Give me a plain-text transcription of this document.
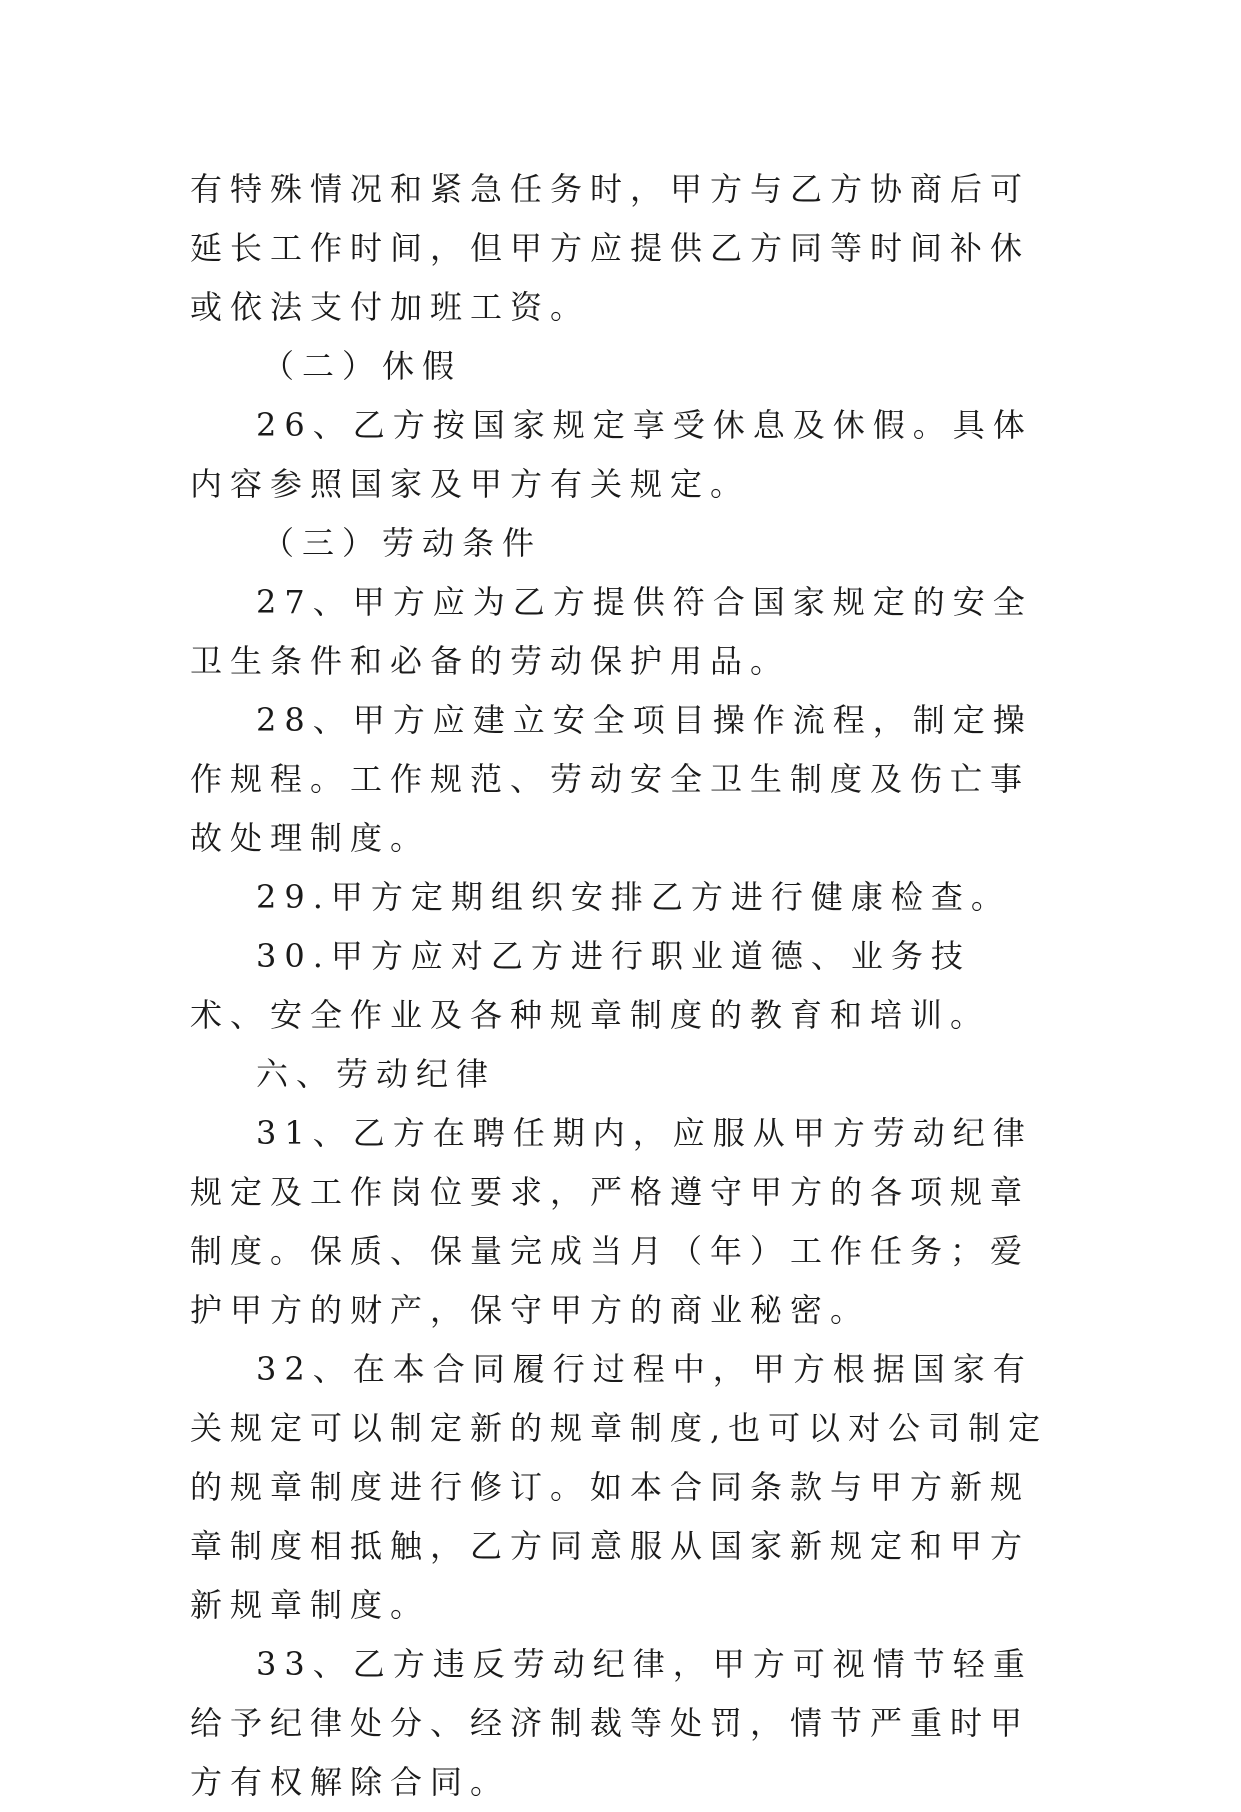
有特殊情况和紧急任务时，甲方与乙方协商后可延长工作时间，但甲方应提供乙方同等时间补休或依法支付加班工资。

（二）休假

26、乙方按国家规定享受休息及休假。具体内容参照国家及甲方有关规定。

（三）劳动条件

27、甲方应为乙方提供符合国家规定的安全卫生条件和必备的劳动保护用品。

28、甲方应建立安全项目操作流程，制定操作规程。工作规范、劳动安全卫生制度及伤亡事故处理制度。

29.甲方定期组织安排乙方进行健康检查。

30.甲方应对乙方进行职业道德、业务技术、安全作业及各种规章制度的教育和培训。

六、劳动纪律

31、乙方在聘任期内，应服从甲方劳动纪律规定及工作岗位要求，严格遵守甲方的各项规章制度。保质、保量完成当月（年）工作任务；爱护甲方的财产，保守甲方的商业秘密。

32、在本合同履行过程中，甲方根据国家有关规定可以制定新的规章制度,也可以对公司制定的规章制度进行修订。如本合同条款与甲方新规章制度相抵触，乙方同意服从国家新规定和甲方新规章制度。

33、乙方违反劳动纪律，甲方可视情节轻重给予纪律处分、经济制裁等处罚，情节严重时甲方有权解除合同。
